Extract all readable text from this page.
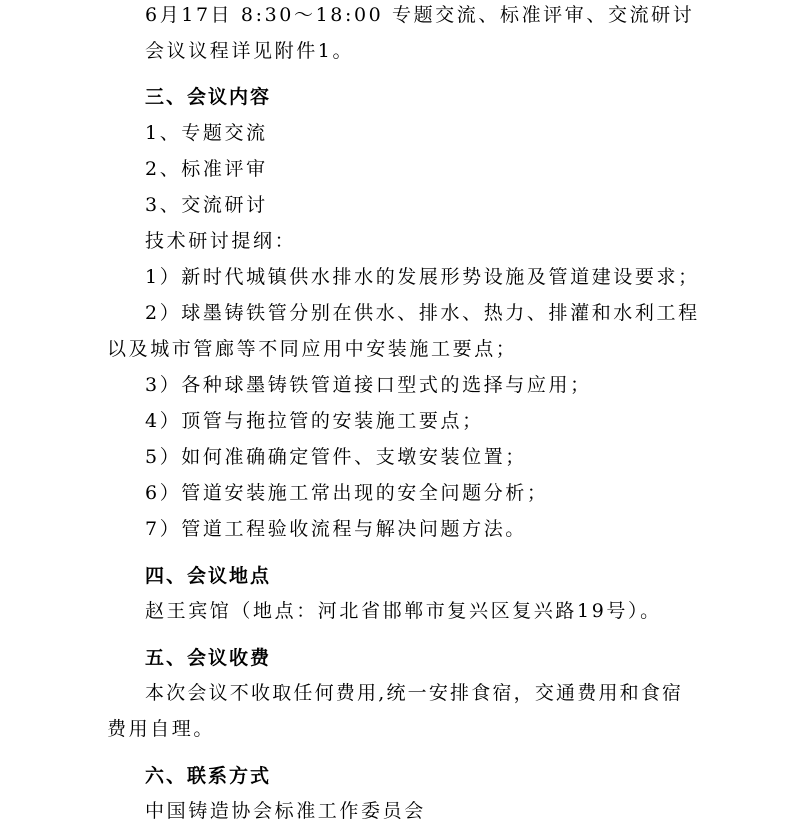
6月17日 8:30～18:00 专题交流、标准评审、交流研讨
会议议程详见附件1。
三、会议内容
1、专题交流
2、标准评审
3、交流研讨
技术研讨提纲：
1）新时代城镇供水排水的发展形势设施及管道建设要求；
2）球墨铸铁管分别在供水、排水、热力、排灌和水利工程
以及城市管廊等不同应用中安装施工要点；
3）各种球墨铸铁管道接口型式的选择与应用；
4）顶管与拖拉管的安装施工要点；
5）如何准确确定管件、支墩安装位置；
6）管道安装施工常出现的安全问题分析；
7）管道工程验收流程与解决问题方法。
四、会议地点
赵王宾馆（地点：河北省邯郸市复兴区复兴路19号）。
五、会议收费
本次会议不收取任何费用,统一安排食宿，交通费用和食宿
费用自理。
六、联系方式
中国铸造协会标准工作委员会
